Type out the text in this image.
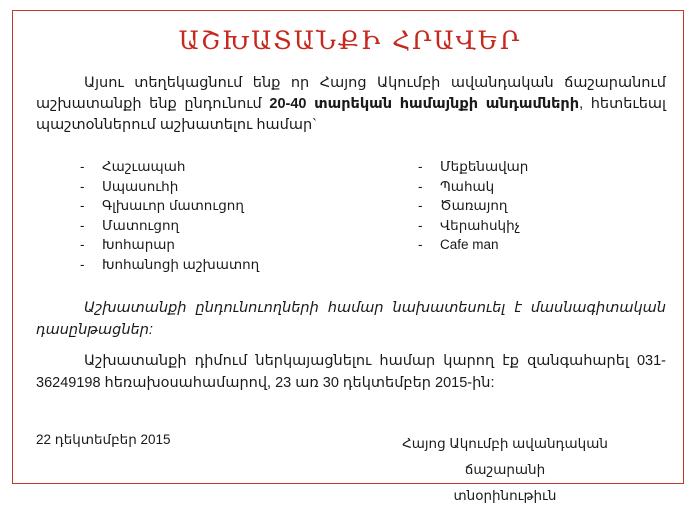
ԱՇԽԱՏԱՆՔԻ ՀՐԱՎԵՐ
Այսու տեղեկացնում ենք որ Հայոց Ակումբի ավանդական ճաշարանում աշխատանքի ենք ընդունում 20-40 տարեկան համայնքի անդամների, հետեւեալ պաշտօններում աշխատելու համար`
- Հաշւապահ
- Սպասուհի
- Գլխաւոր մատուցող
- Մատուցող
- Խոհարար
- Խոհանոցի աշխատող
- Մեքենավար
- Պահակ
- Ծառայող
- Վերահսկիչ
- Cafe man
Աշխատանքի ընդունուողների համար նախատեսուել է մասնագիտական դասընթացներ:
Աշխատանքի դիմում ներկայացնելու համար կարող էք զանգահարել 031-36249198 հեռախօսահամարով, 23 առ 30 դեկտեմբեր 2015-ին:
22 դեկտեմբեր 2015	Հայոց Ակումբի ավանդական ճաշարանի
տնօրինութիւն
